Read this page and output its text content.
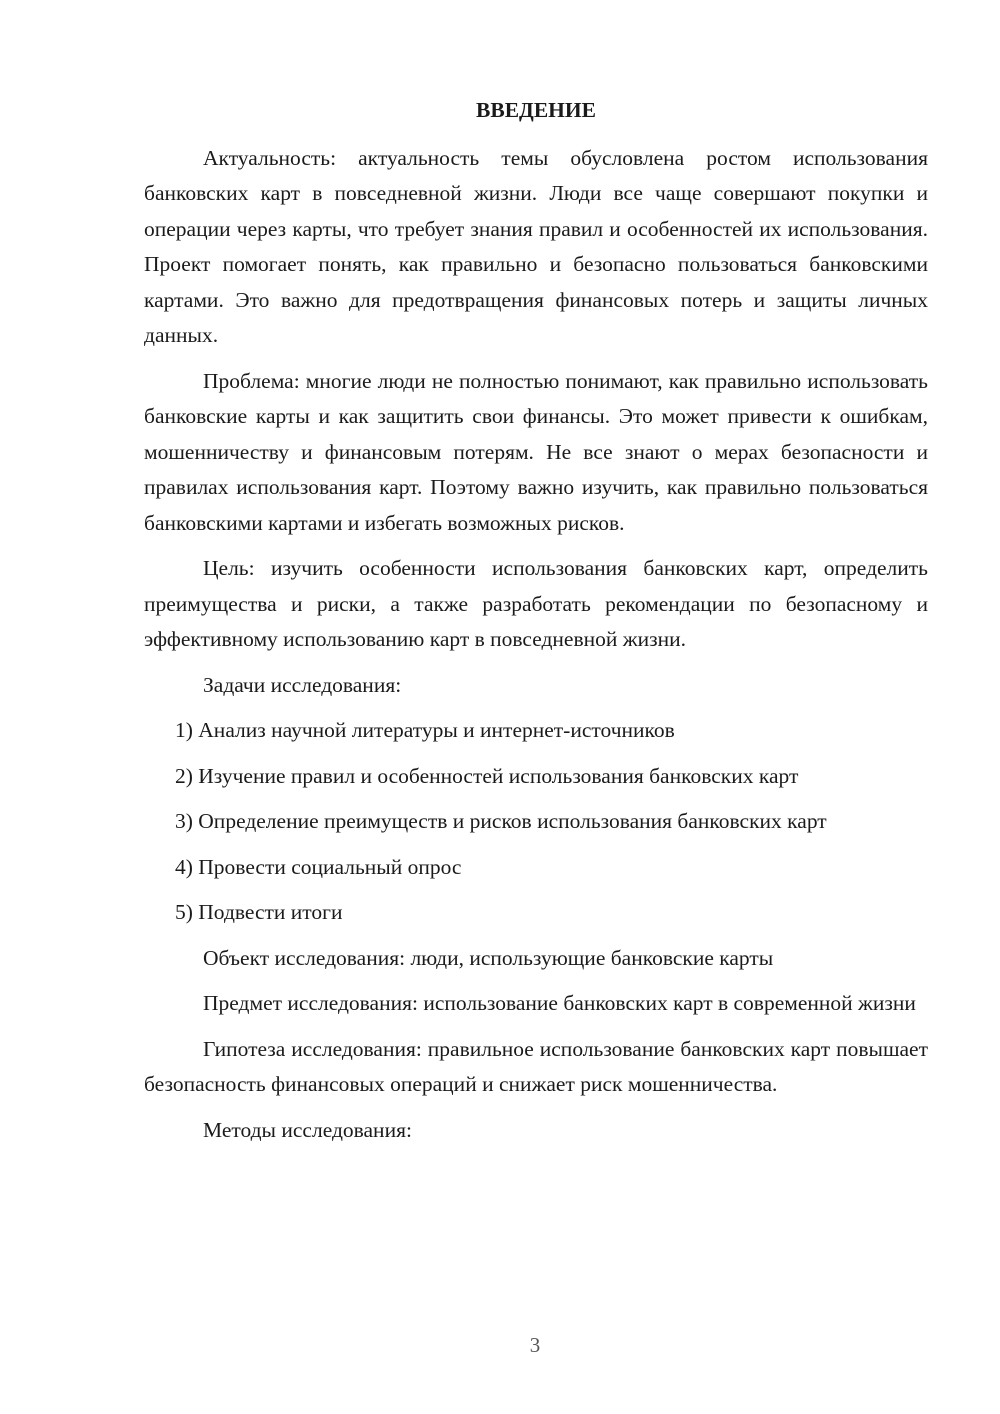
ВВЕДЕНИЕ

Актуальность: актуальность темы обусловлена ростом использования банковских карт в повседневной жизни. Люди все чаще совершают покупки и операции через карты, что требует знания правил и особенностей их использования. Проект помогает понять, как правильно и безопасно пользоваться банковскими картами. Это важно для предотвращения финансовых потерь и защиты личных данных.

Проблема: многие люди не полностью понимают, как правильно использовать банковские карты и как защитить свои финансы. Это может привести к ошибкам, мошенничеству и финансовым потерям. Не все знают о мерах безопасности и правилах использования карт. Поэтому важно изучить, как правильно пользоваться банковскими картами и избегать возможных рисков.

Цель: изучить особенности использования банковских карт, определить преимущества и риски, а также разработать рекомендации по безопасному и эффективному использованию карт в повседневной жизни.

Задачи исследования:

1) Анализ научной литературы и интернет-источников
2) Изучение правил и особенностей использования банковских карт
3) Определение преимуществ и рисков использования банковских карт
4) Провести социальный опрос
5) Подвести итоги

Объект исследования: люди, использующие банковские карты

Предмет исследования: использование банковских карт в современной жизни

Гипотеза исследования: правильное использование банковских карт повышает безопасность финансовых операций и снижает риск мошенничества.

Методы исследования:

3
